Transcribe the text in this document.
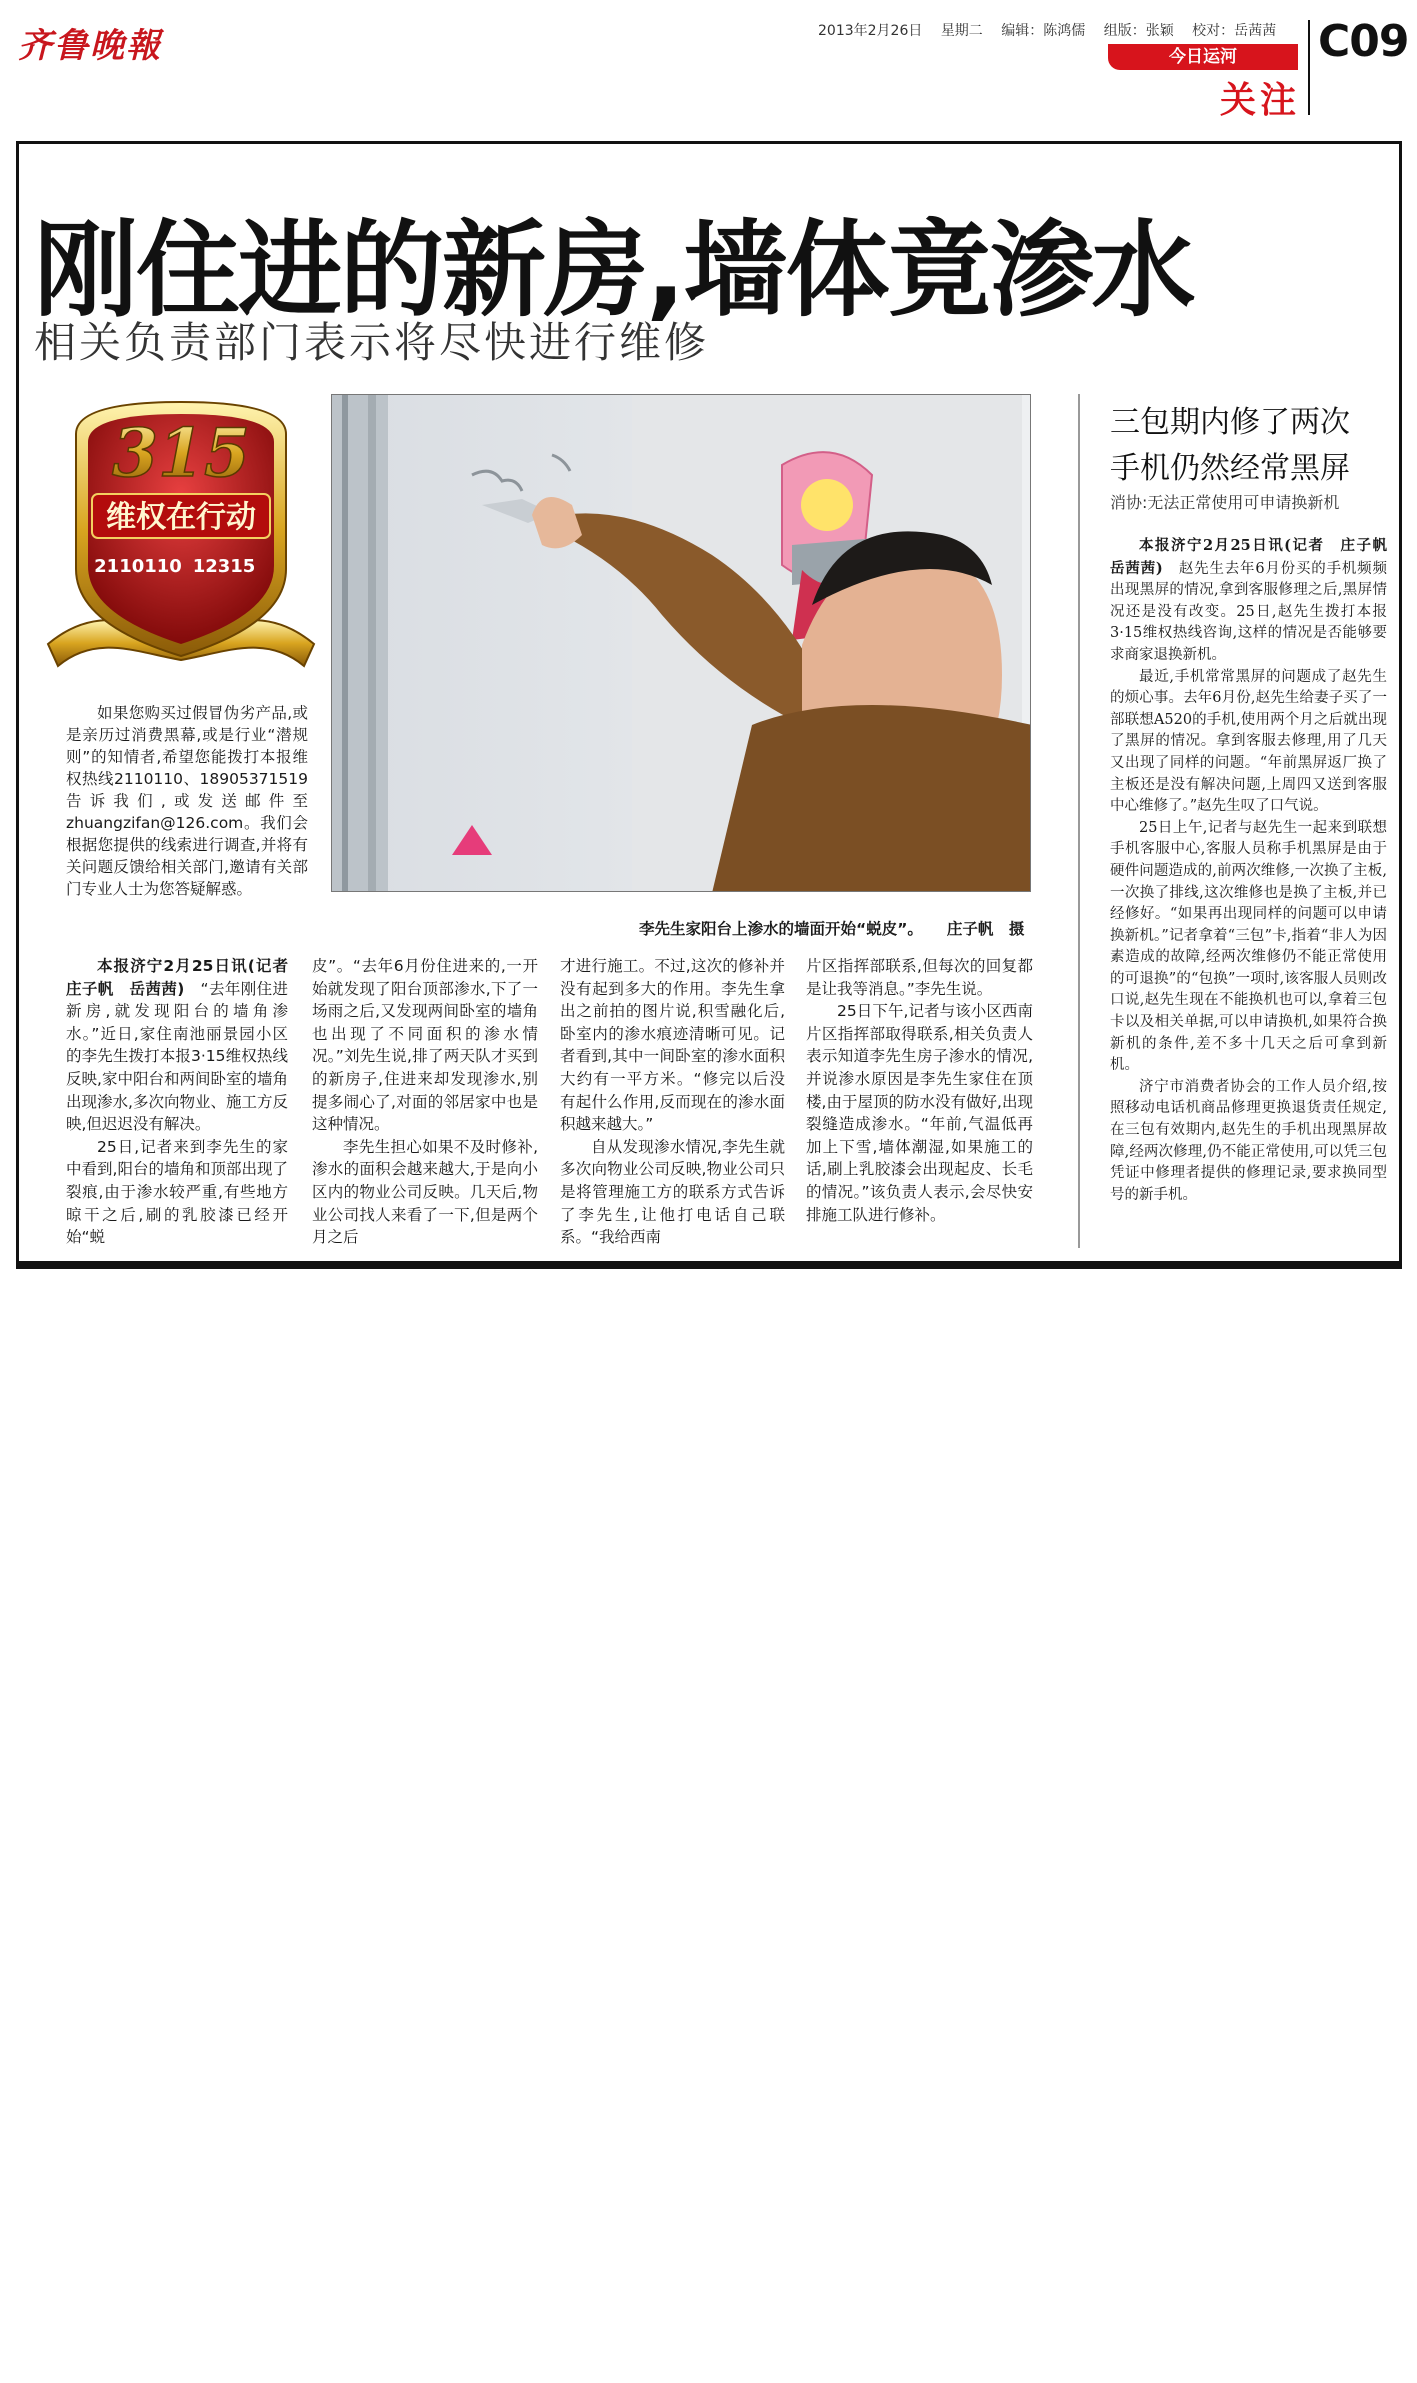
齐鲁晚報	2013年2月26日 星期二 编辑：陈鸿儒 组版：张颖 校对：岳茜茜
今日运河
关注
C09
刚住进的新房,墙体竟渗水
相关负责部门表示将尽快进行维修
315
维权在行动
2110110 12315

如果您购买过假冒伪劣产品,或是亲历过消费黑幕,或是行业“潜规则”的知情者,希望您能拨打本报维权热线2110110、18905371519告诉我们,或发送邮件至zhuangzifan@126.com。我们会根据您提供的线索进行调查,并将有关问题反馈给相关部门,邀请有关部门专业人士为您答疑解惑。

李先生家阳台上渗水的墙面开始“蜕皮”。 庄子帆　摄

本报济宁2月25日讯(记者　庄子帆　岳茜茜)　“去年刚住进新房,就发现阳台的墙角渗水。”近日,家住南池丽景园小区的李先生拨打本报3·15维权热线反映,家中阳台和两间卧室的墙角出现渗水,多次向物业、施工方反映,但迟迟没有解决。

25日,记者来到李先生的家中看到,阳台的墙角和顶部出现了裂痕,由于渗水较严重,有些地方晾干之后,刷的乳胶漆已经开始“蜕

皮”。“去年6月份住进来的,一开始就发现了阳台顶部渗水,下了一场雨之后,又发现两间卧室的墙角也出现了不同面积的渗水情况。”刘先生说,排了两天队才买到的新房子,住进来却发现渗水,别提多闹心了,对面的邻居家中也是这种情况。

李先生担心如果不及时修补,渗水的面积会越来越大,于是向小区内的物业公司反映。几天后,物业公司找人来看了一下,但是两个月之后

才进行施工。不过,这次的修补并没有起到多大的作用。李先生拿出之前拍的图片说,积雪融化后,卧室内的渗水痕迹清晰可见。记者看到,其中一间卧室的渗水面积大约有一平方米。“修完以后没有起什么作用,反而现在的渗水面积越来越大。”

自从发现渗水情况,李先生就多次向物业公司反映,物业公司只是将管理施工方的联系方式告诉了李先生,让他打电话自己联系。“我给西南

片区指挥部联系,但每次的回复都是让我等消息。”李先生说。

25日下午,记者与该小区西南片区指挥部取得联系,相关负责人表示知道李先生房子渗水的情况,并说渗水原因是李先生家住在顶楼,由于屋顶的防水没有做好,出现裂缝造成渗水。“年前,气温低再加上下雪,墙体潮湿,如果施工的话,刷上乳胶漆会出现起皮、长毛的情况。”该负责人表示,会尽快安排施工队进行修补。

三包期内修了两次
手机仍然经常黑屏
消协:无法正常使用可申请换新机

本报济宁2月25日讯(记者　庄子帆　岳茜茜)　赵先生去年6月份买的手机频频出现黑屏的情况,拿到客服修理之后,黑屏情况还是没有改变。25日,赵先生拨打本报3·15维权热线咨询,这样的情况是否能够要求商家退换新机。

最近,手机常常黑屏的问题成了赵先生的烦心事。去年6月份,赵先生给妻子买了一部联想A520的手机,使用两个月之后就出现了黑屏的情况。拿到客服去修理,用了几天又出现了同样的问题。“年前黑屏返厂换了主板还是没有解决问题,上周四又送到客服中心维修了。”赵先生叹了口气说。

25日上午,记者与赵先生一起来到联想手机客服中心,客服人员称手机黑屏是由于硬件问题造成的,前两次维修,一次换了主板,一次换了排线,这次维修也是换了主板,并已经修好。“如果再出现同样的问题可以申请换新机。”记者拿着“三包”卡,指着“非人为因素造成的故障,经两次维修仍不能正常使用的可退换”的“包换”一项时,该客服人员则改口说,赵先生现在不能换机也可以,拿着三包卡以及相关单据,可以申请换机,如果符合换新机的条件,差不多十几天之后可拿到新机。

济宁市消费者协会的工作人员介绍,按照移动电话机商品修理更换退货责任规定,在三包有效期内,赵先生的手机出现黑屏故障,经两次修理,仍不能正常使用,可以凭三包凭证中修理者提供的修理记录,要求换同型号的新手机。
